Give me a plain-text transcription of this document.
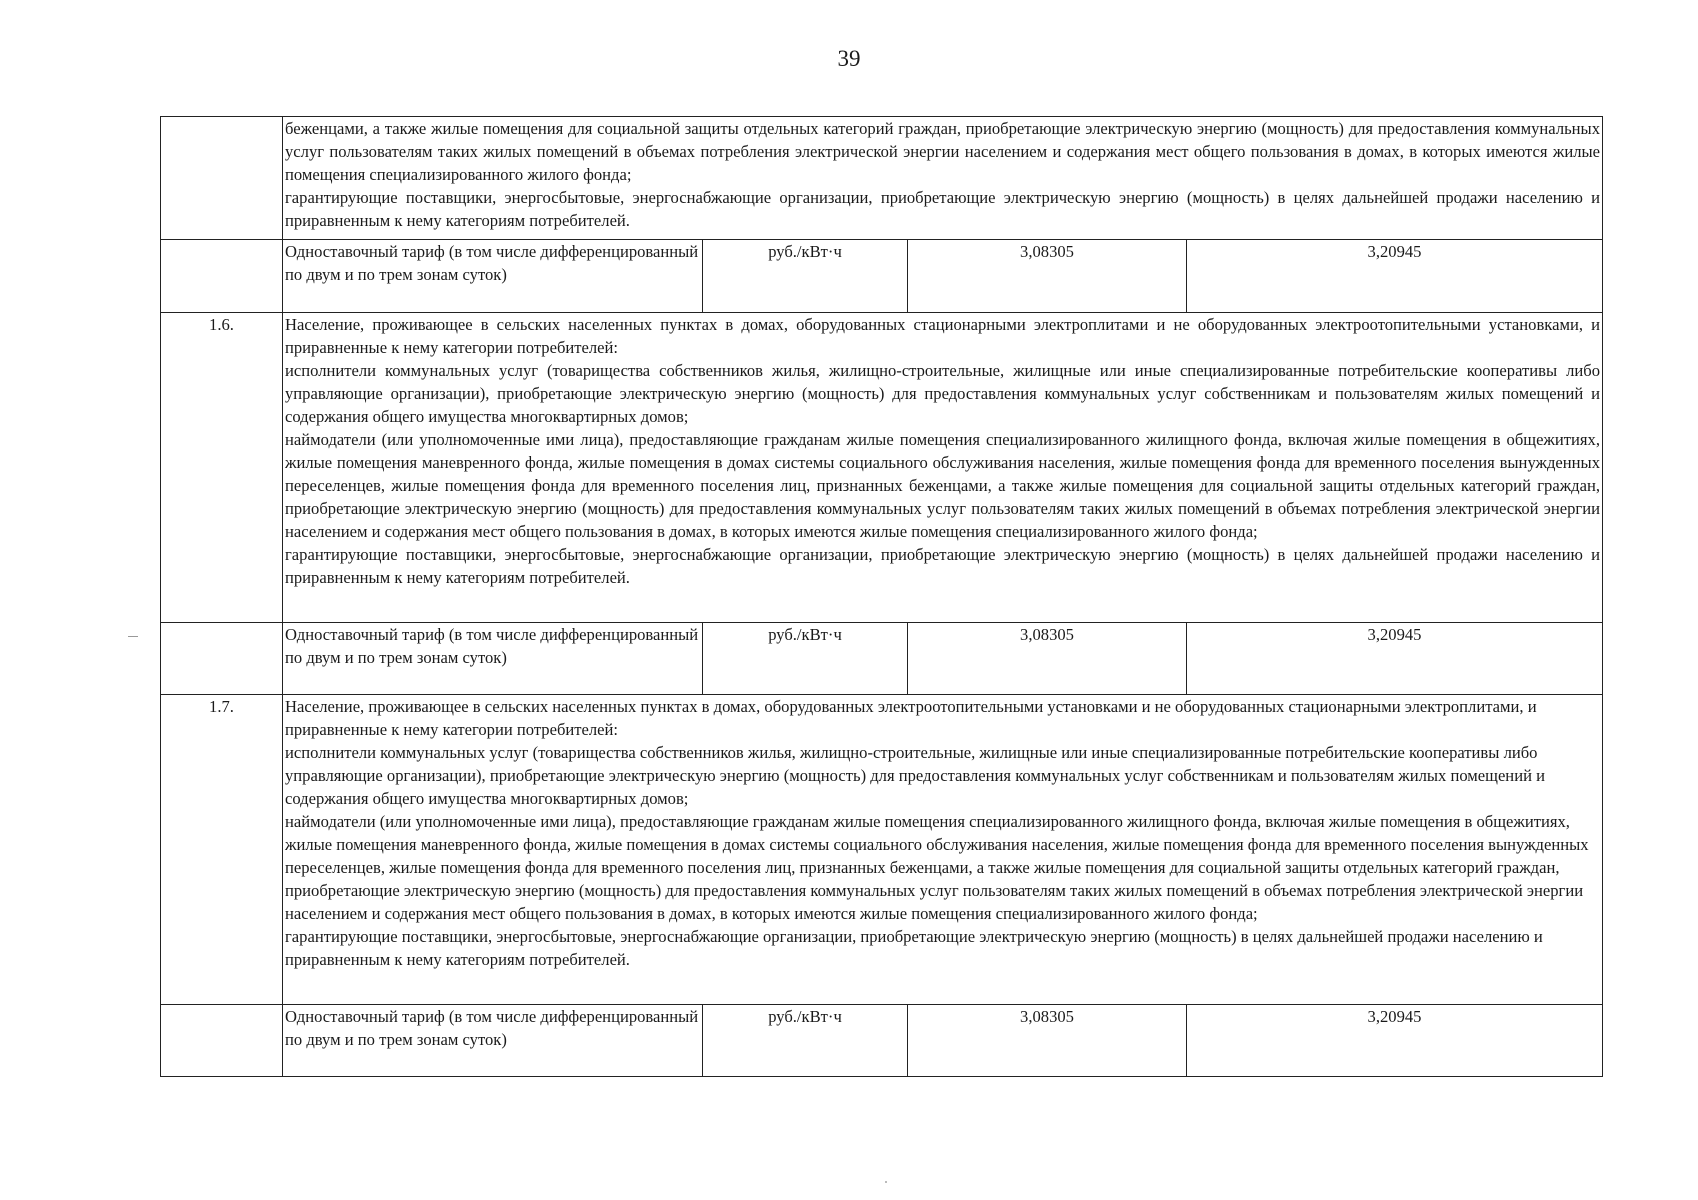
39

	беженцами, а также жилые помещения для социальной защиты отдельных категорий граждан, приобретающие электрическую энергию (мощность) для предоставления коммунальных услуг пользователям таких жилых помещений в объемах потребления электрической энергии населением и содержания мест общего пользования в домах, в которых имеются жилые помещения специализированного жилого фонда;

гарантирующие поставщики, энергосбытовые, энергоснабжающие организации, приобретающие электрическую энергию (мощность) в целях дальнейшей продажи населению и приравненным к нему категориям потребителей.			

	Одноставочный тариф (в том числе дифференцированный по двум и по трем зонам суток)	руб./кВт·ч	3,08305	3,20945
1.6.	Население, проживающее в сельских населенных пунктах в домах, оборудованных стационарными электроплитами и не оборудованных электроотопительными установками, и приравненные к нему категории потребителей:

исполнители коммунальных услуг (товарищества собственников жилья, жилищно-строительные, жилищные или иные специализированные потребительские кооперативы либо управляющие организации), приобретающие электрическую энергию (мощность) для предоставления коммунальных услуг собственникам и пользователям жилых помещений и содержания общего имущества многоквартирных домов;

наймодатели (или уполномоченные ими лица), предоставляющие гражданам жилые помещения специализированного жилищного фонда, включая жилые помещения в общежитиях, жилые помещения маневренного фонда, жилые помещения в домах системы социального обслуживания населения, жилые помещения фонда для временного поселения вынужденных переселенцев, жилые помещения фонда для временного поселения лиц, признанных беженцами, а также жилые помещения для социальной защиты отдельных категорий граждан, приобретающие электрическую энергию (мощность) для предоставления коммунальных услуг пользователям таких жилых помещений в объемах потребления электрической энергии населением и содержания мест общего пользования в домах, в которых имеются жилые помещения специализированного жилого фонда;

гарантирующие поставщики, энергосбытовые, энергоснабжающие организации, приобретающие электрическую энергию (мощность) в целях дальнейшей продажи населению и приравненным к нему категориям потребителей.			

	Одноставочный тариф (в том числе дифференцированный по двум и по трем зонам суток)	руб./кВт·ч	3,08305	3,20945
1.7.	Население, проживающее в сельских населенных пунктах в домах, оборудованных электроотопительными установками и не оборудованных стационарными электроплитами, и приравненные к нему категории потребителей:

исполнители коммунальных услуг (товарищества собственников жилья, жилищно-строительные, жилищные или иные специализированные потребительские кооперативы либо управляющие организации), приобретающие электрическую энергию (мощность) для предоставления коммунальных услуг собственникам и пользователям жилых помещений и содержания общего имущества многоквартирных домов;

наймодатели (или уполномоченные ими лица), предоставляющие гражданам жилые помещения специализированного жилищного фонда, включая жилые помещения в общежитиях, жилые помещения маневренного фонда, жилые помещения в домах системы социального обслуживания населения, жилые помещения фонда для временного поселения вынужденных переселенцев, жилые помещения фонда для временного поселения лиц, признанных беженцами, а также жилые помещения для социальной защиты отдельных категорий граждан, приобретающие электрическую энергию (мощность) для предоставления коммунальных услуг пользователям таких жилых помещений в объемах потребления электрической энергии населением и содержания мест общего пользования в домах, в которых имеются жилые помещения специализированного жилого фонда;

гарантирующие поставщики, энергосбытовые, энергоснабжающие организации, приобретающие электрическую энергию (мощность) в целях дальнейшей продажи населению и приравненным к нему категориям потребителей.			

	Одноставочный тариф (в том числе дифференцированный по двум и по трем зонам суток)	руб./кВт·ч	3,08305	3,20945
